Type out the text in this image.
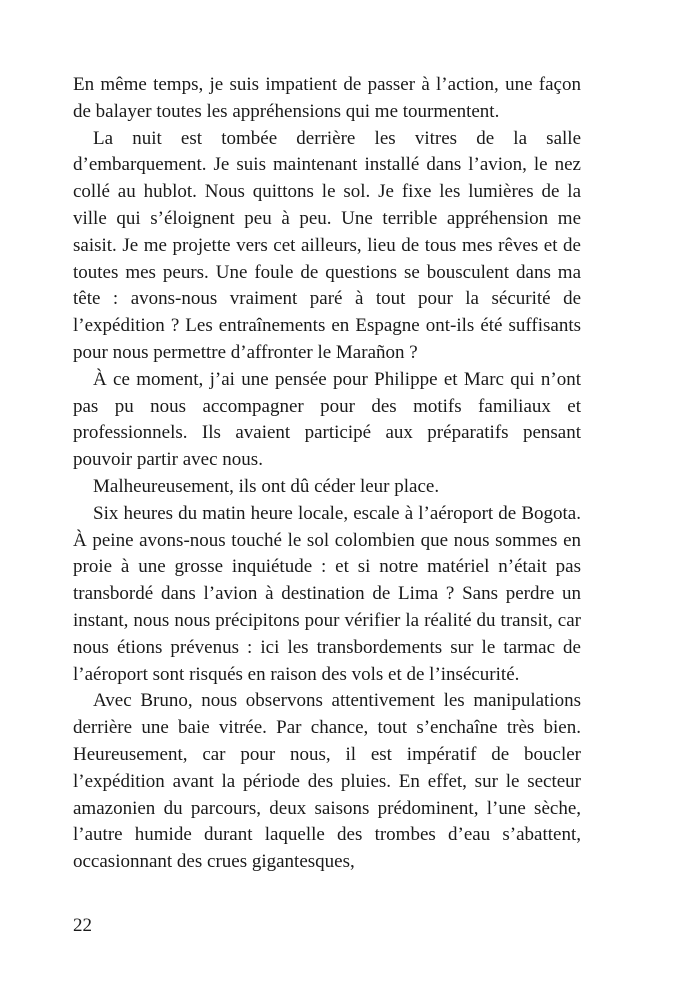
En même temps, je suis impatient de passer à l’action, une façon de balayer toutes les appréhensions qui me tourmentent.

La nuit est tombée derrière les vitres de la salle d’embarquement. Je suis maintenant installé dans l’avion, le nez collé au hublot. Nous quittons le sol. Je fixe les lumières de la ville qui s’éloignent peu à peu. Une terrible appréhension me saisit. Je me projette vers cet ailleurs, lieu de tous mes rêves et de toutes mes peurs. Une foule de questions se bousculent dans ma tête : avons-nous vraiment paré à tout pour la sécurité de l’expédition ? Les entraînements en Espagne ont-ils été suffisants pour nous permettre d’affronter le Marañon ?

À ce moment, j’ai une pensée pour Philippe et Marc qui n’ont pas pu nous accompagner pour des motifs familiaux et professionnels. Ils avaient participé aux préparatifs pensant pouvoir partir avec nous.

Malheureusement, ils ont dû céder leur place.

Six heures du matin heure locale, escale à l’aéroport de Bogota. À peine avons-nous touché le sol colombien que nous sommes en proie à une grosse inquiétude : et si notre matériel n’était pas transbordé dans l’avion à destination de Lima ? Sans perdre un instant, nous nous précipitons pour vérifier la réalité du transit, car nous étions prévenus : ici les transbordements sur le tarmac de l’aéroport sont risqués en raison des vols et de l’insécurité.

Avec Bruno, nous observons attentivement les manipulations derrière une baie vitrée. Par chance, tout s’enchaîne très bien. Heureusement, car pour nous, il est impératif de boucler l’expédition avant la période des pluies. En effet, sur le secteur amazonien du parcours, deux saisons prédominent, l’une sèche, l’autre humide durant laquelle des trombes d’eau s’abattent, occasionnant des crues gigantesques,

22
